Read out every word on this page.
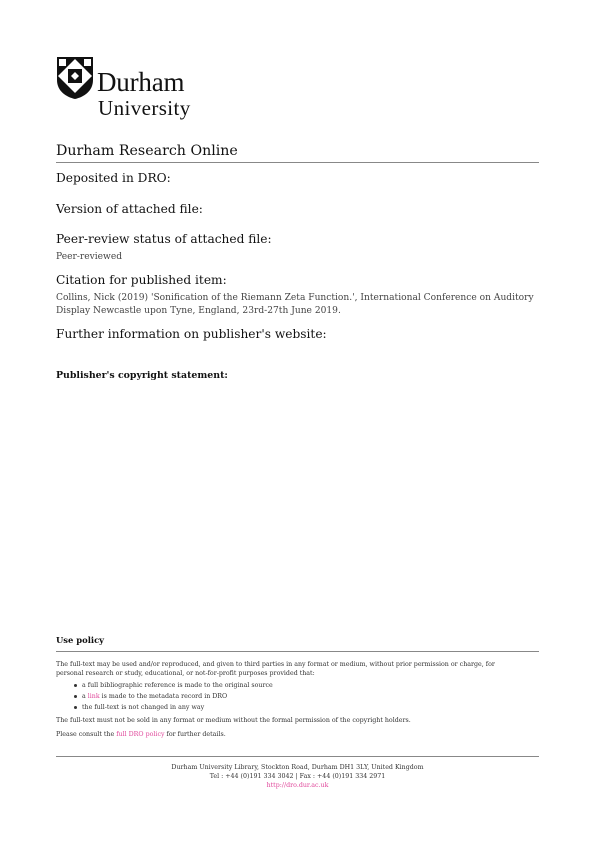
Durham
University
Durham Research Online
Deposited in DRO:
Version of attached file:
Peer-review status of attached file:
Peer-reviewed
Citation for published item:
Collins, Nick (2019) 'Sonification of the Riemann Zeta Function.', International Conference on Auditory
Display Newcastle upon Tyne, England, 23rd-27th June 2019.
Further information on publisher's website:
Publisher's copyright statement:
Use policy
The full-text may be used and/or reproduced, and given to third parties in any format or medium, without prior permission or charge, for
personal research or study, educational, or not-for-profit purposes provided that:
a full bibliographic reference is made to the original source
a link is made to the metadata record in DRO
the full-text is not changed in any way
The full-text must not be sold in any format or medium without the formal permission of the copyright holders.
Please consult the full DRO policy for further details.
Durham University Library, Stockton Road, Durham DH1 3LY, United Kingdom
Tel : +44 (0)191 334 3042 | Fax : +44 (0)191 334 2971
http://dro.dur.ac.uk
